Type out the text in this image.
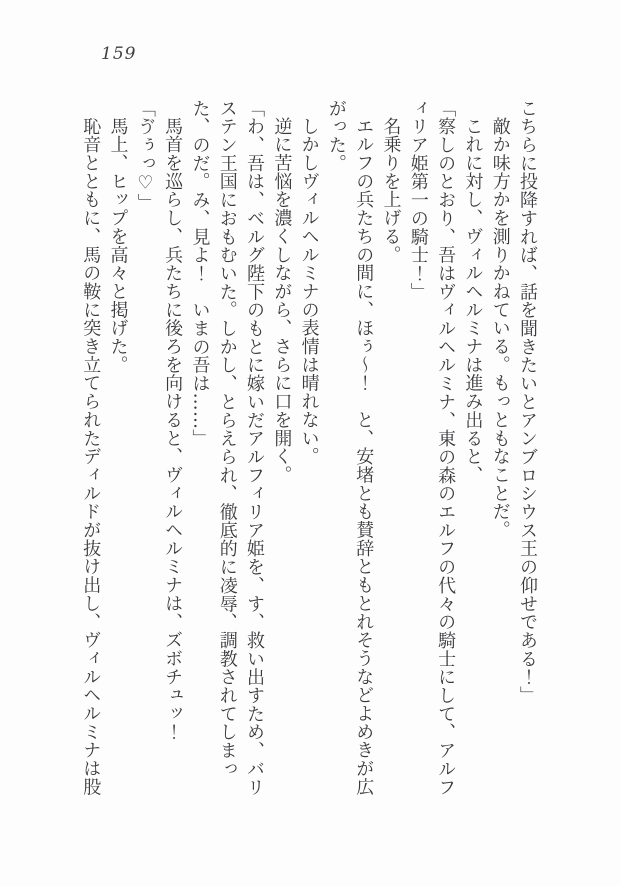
159

こちらに投降すれば、話を聞きたいとアンブロシウス王の仰せである！」

敵か味方かを測りかねている。もっともなことだ。

これに対し、ヴィルヘルミナは進み出ると、

「察しのとおり、吾はヴィルヘルミナ、東の森のエルフの代々の騎士にして、アルフィリア姫第一の騎士！」

名乗りを上げる。

エルフの兵たちの間に、ほぅ～！　と、安堵とも賛辞ともとれそうなどよめきが広がった。

しかしヴィルヘルミナの表情は晴れない。

逆に苦悩を濃くしながら、さらに口を開く。

「わ、吾は、ベルグ陛下のもとに嫁いだアルフィリア姫を、す、救い出すため、バリステン王国におもむいた。しかし、とらえられ、徹底的に凌辱、調教されてしまった、のだ。み、見よ！　いまの吾は……」

馬首を巡らし、兵たちに後ろを向けると、ヴィルヘルミナは、ズボチュッ！

「ゔぅっ♡」

馬上、ヒップを高々と掲げた。

恥音とともに、馬の鞍に突き立てられたディルドが抜け出し、ヴィルヘルミナは股
